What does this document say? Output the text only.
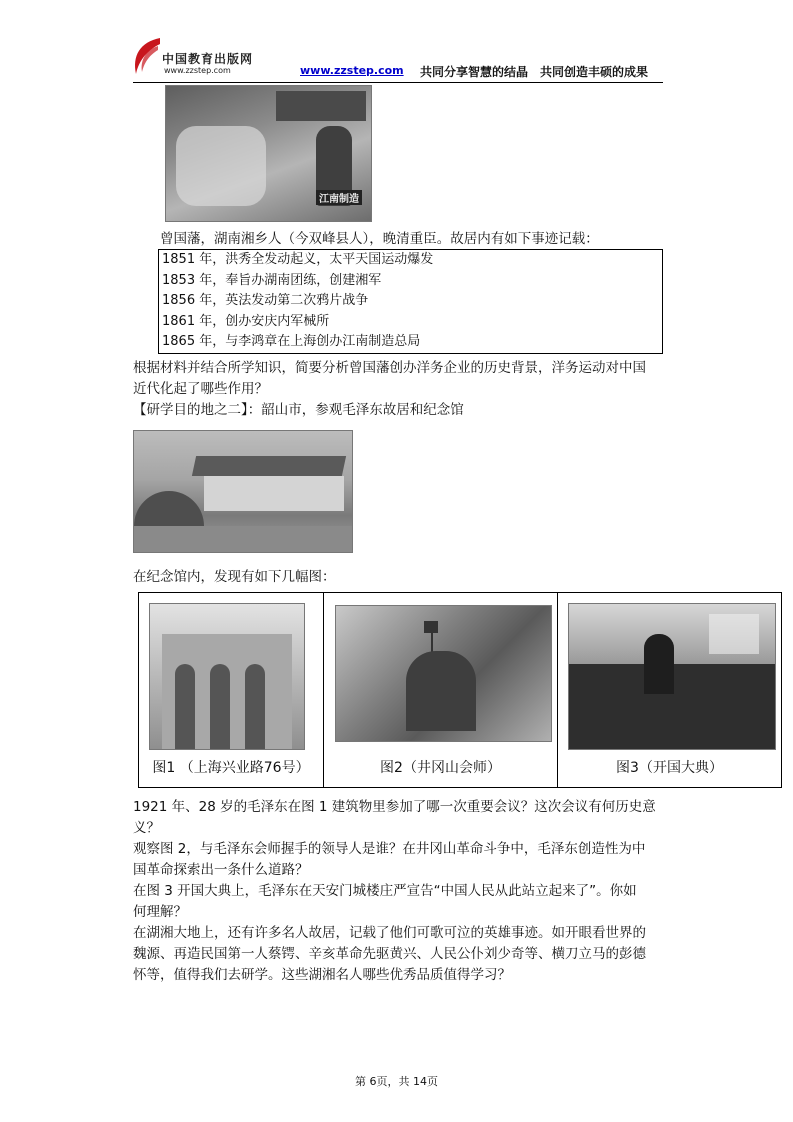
中国教育出版网
www.zzstep.com	www.zzstep.com 共同分享智慧的结晶　共同创造丰硕的成果
江南制造
曾国藩，湖南湘乡人（今双峰县人），晚清重臣。故居内有如下事迹记载：
1851 年，洪秀全发动起义，太平天国运动爆发
1853 年，奉旨办湖南团练，创建湘军
1856 年，英法发动第二次鸦片战争
1861 年，创办安庆内军械所
1865 年，与李鸿章在上海创办江南制造总局
根据材料并结合所学知识，简要分析曾国藩创办洋务企业的历史背景，洋务运动对中国
近代化起了哪些作用？
【研学目的地之二】：韶山市，参观毛泽东故居和纪念馆
在纪念馆内，发现有如下几幅图：
图1 （上海兴业路76号）	图2（井冈山会师）	图3（开国大典）
1921 年、28 岁的毛泽东在图 1 建筑物里参加了哪一次重要会议？这次会议有何历史意
义？
观察图 2，与毛泽东会师握手的领导人是谁？在井冈山革命斗争中，毛泽东创造性为中
国革命探索出一条什么道路？
在图 3 开国大典上，毛泽东在天安门城楼庄严宣告“中国人民从此站立起来了”。你如
何理解？
在湖湘大地上，还有许多名人故居，记载了他们可歌可泣的英雄事迹。如开眼看世界的
魏源、再造民国第一人蔡锷、辛亥革命先驱黄兴、人民公仆刘少奇等、横刀立马的彭德
怀等，值得我们去研学。这些湖湘名人哪些优秀品质值得学习？
第 6页，共 14页
